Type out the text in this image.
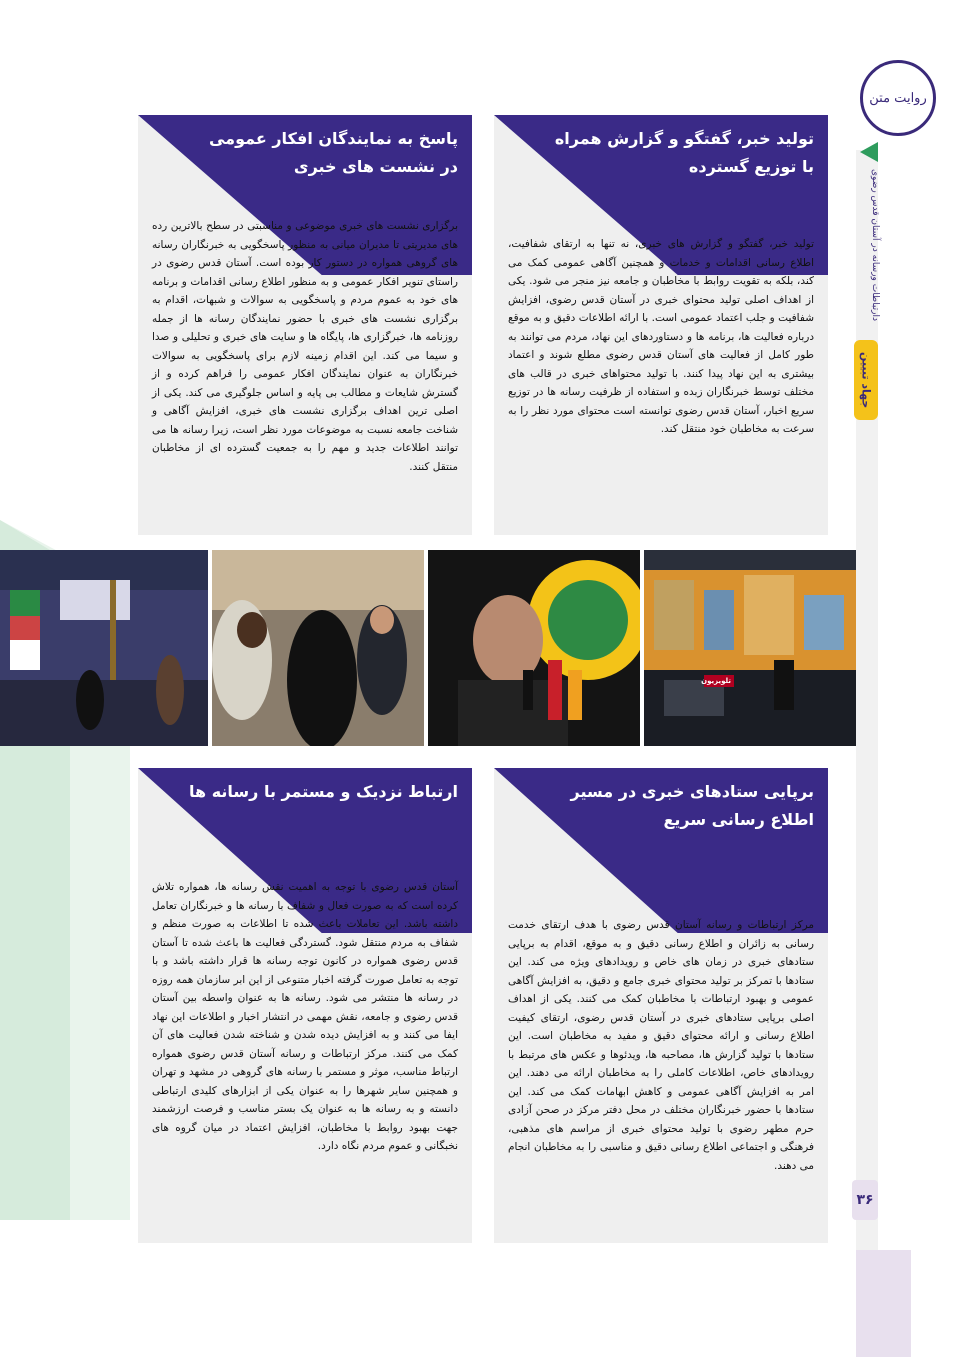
روایت متن
دارتباطات ورسانه در آستان قدس رضوی
جهاد تبیین
۳۶
تولید خبر، گفتگو و گزارش همراه
با توزیع گسترده
تولید خبر، گفتگو و گزارش های خبری، نه تنها به ارتقای شفافیت، اطلاع رسانی اقدامات و خدمات و همچنین آگاهی عمومی کمک می کند، بلکه به تقویت روابط با مخاطبان و جامعه نیز منجر می شود. یکی از اهداف اصلی تولید محتوای خبری در آستان قدس رضوی، افزایش شفافیت و جلب اعتماد عمومی است. با ارائه اطلاعات دقیق و به موقع درباره فعالیت ها، برنامه ها و دستاوردهای این نهاد، مردم می توانند به طور کامل از فعالیت های آستان قدس رضوی مطلع شوند و اعتماد بیشتری به این نهاد پیدا کنند. با تولید محتواهای خبری در قالب های مختلف توسط خبرنگاران زبده و استفاده از ظرفیت رسانه ها در توزیع سریع اخبار، آستان قدس رضوی توانسته است محتوای مورد نظر را به سرعت به مخاطبان خود منتقل کند.
پاسخ به نمایندگان افکار عمومی
در نشست های خبری
برگزاری نشست های خبری موضوعی و مناسبتی در سطح بالاترین رده های مدیریتی تا مدیران میانی به منظور پاسخگویی به خبرنگاران رسانه های گروهی همواره در دستور کار بوده است. آستان قدس رضوی در راستای تنویر افکار عمومی و به منظور اطلاع رسانی اقدامات و برنامه های خود به عموم مردم و پاسخگویی به سوالات و شبهات، اقدام به برگزاری نشست های خبری با حضور نمایندگان رسانه ها از جمله روزنامه ها، خبرگزاری ها، پایگاه ها و سایت های خبری و تحلیلی و صدا و سیما می کند. این اقدام زمینه لازم برای پاسخگویی به سوالات خبرنگاران به عنوان نمایندگان افکار عمومی را فراهم کرده و از گسترش شایعات و مطالب بی پایه و اساس جلوگیری می کند. یکی از اصلی ترین اهداف برگزاری نشست های خبری، افزایش آگاهی و شناخت جامعه نسبت به موضوعات مورد نظر است، زیرا رسانه ها می توانند اطلاعات جدید و مهم را به جمعیت گسترده ای از مخاطبان منتقل کنند.
تلويزيون
برپایی ستادهای خبری در مسیر
اطلاع رسانی سریع
مرکز ارتباطات و رسانه آستان قدس رضوی با هدف ارتقای خدمت رسانی به زائران و اطلاع رسانی دقیق و به موقع، اقدام به برپایی ستادهای خبری در زمان های خاص و رویدادهای ویژه می کند. این ستادها با تمرکز بر تولید محتوای خبری جامع و دقیق، به افزایش آگاهی عمومی و بهبود ارتباطات با مخاطبان کمک می کنند. یکی از اهداف اصلی برپایی ستادهای خبری در آستان قدس رضوی، ارتقای کیفیت اطلاع رسانی و ارائه محتوای دقیق و مفید به مخاطبان است. این ستادها با تولید گزارش ها، مصاحبه ها، ویدئوها و عکس های مرتبط با رویدادهای خاص، اطلاعات کاملی را به مخاطبان ارائه می دهند. این امر به افزایش آگاهی عمومی و کاهش ابهامات کمک می کند. این ستادها با حضور خبرنگاران مختلف در محل دفتر مرکز در صحن آزادی حرم مطهر رضوی با تولید محتوای خبری از مراسم های مذهبی، فرهنگی و اجتماعی اطلاع رسانی دقیق و مناسبی را به مخاطبان انجام می دهند.
ارتباط نزدیک و مستمر با رسانه ها
آستان قدس رضوی با توجه به اهمیت نقش رسانه ها، همواره تلاش کرده است که به صورت فعال و شفاف با رسانه ها و خبرنگاران تعامل داشته باشد. این تعاملات باعث شده تا اطلاعات به صورت منظم و شفاف به مردم منتقل شود. گستردگی فعالیت ها باعث شده تا آستان قدس رضوی همواره در کانون توجه رسانه ها قرار داشته باشد و با توجه به تعامل صورت گرفته اخبار متنوعی از این ابر سازمان همه روزه در رسانه ها منتشر می شود. رسانه ها به عنوان واسطه بین آستان قدس رضوی و جامعه، نقش مهمی در انتشار اخبار و اطلاعات این نهاد ایفا می کنند و به افزایش دیده شدن و شناخته شدن فعالیت های آن کمک می کنند. مرکز ارتباطات و رسانه آستان قدس رضوی همواره ارتباط مناسب، موثر و مستمر با رسانه های گروهی در مشهد و تهران و همچنین سایر شهرها را به عنوان یکی از ابزارهای کلیدی ارتباطی دانسته و به رسانه ها به عنوان یک بستر مناسب و فرصت ارزشمند جهت بهبود روابط با مخاطبان، افزایش اعتماد در میان گروه های نخبگانی و عموم مردم نگاه دارد.
